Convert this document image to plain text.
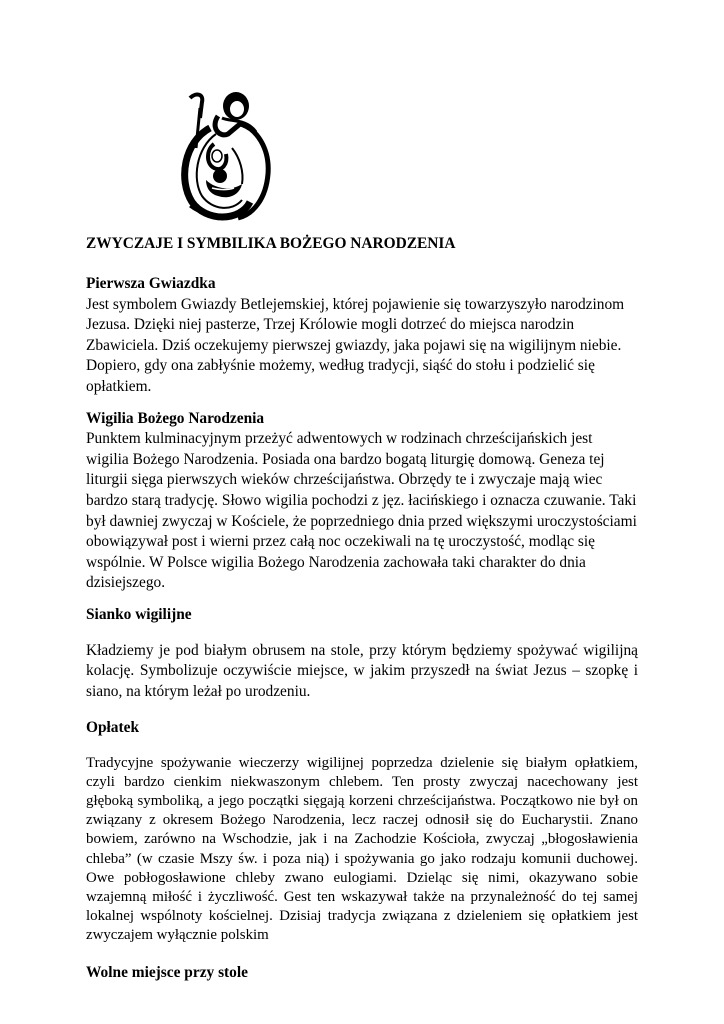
ZWYCZAJE I SYMBILIKA BOŻEGO NARODZENIA

Pierwsza Gwiazdka

Jest symbolem Gwiazdy Betlejemskiej, której pojawienie się towarzyszyło narodzinom Jezusa. Dzięki niej pasterze, Trzej Królowie mogli dotrzeć do miejsca narodzin Zbawiciela. Dziś oczekujemy pierwszej gwiazdy, jaka pojawi się na wigilijnym niebie. Dopiero, gdy ona zabłyśnie możemy, według tradycji, siąść do stołu i podzielić się opłatkiem.

Wigilia Bożego Narodzenia

Punktem kulminacyjnym przeżyć adwentowych w rodzinach chrześcijańskich jest wigilia Bożego Narodzenia. Posiada ona bardzo bogatą liturgię domową. Geneza tej liturgii sięga pierwszych wieków chrześcijaństwa. Obrzędy te i zwyczaje mają wiec bardzo starą tradycję. Słowo wigilia pochodzi z jęz. łacińskiego i oznacza czuwanie. Taki był dawniej zwyczaj w Kościele, że poprzedniego dnia przed większymi uroczystościami obowiązywał post i wierni przez całą noc oczekiwali na tę uroczystość, modląc się wspólnie. W Polsce wigilia Bożego Narodzenia zachowała taki charakter do dnia dzisiejszego.

Sianko wigilijne

Kładziemy je pod białym obrusem na stole, przy którym będziemy spożywać wigilijną kolację. Symbolizuje oczywiście miejsce, w jakim przyszedł na świat Jezus – szopkę i siano, na którym leżał po urodzeniu.

Opłatek

Tradycyjne spożywanie wieczerzy wigilijnej poprzedza dzielenie się białym opłatkiem, czyli bardzo cienkim niekwaszonym chlebem. Ten prosty zwyczaj nacechowany jest głęboką symboliką, a jego początki sięgają korzeni chrześcijaństwa. Początkowo nie był on związany z okresem Bożego Narodzenia, lecz raczej odnosił się do Eucharystii. Znano bowiem, zarówno na Wschodzie, jak i na Zachodzie Kościoła, zwyczaj „błogosławienia chleba” (w czasie Mszy św. i poza nią) i spożywania go jako rodzaju komunii duchowej. Owe pobłogosławione chleby zwano eulogiami. Dzieląc się nimi, okazywano sobie wzajemną miłość i życzliwość. Gest ten wskazywał także na przynależność do tej samej lokalnej wspólnoty kościelnej. Dzisiaj tradycja związana z dzieleniem się opłatkiem jest zwyczajem wyłącznie polskim

Wolne miejsce przy stole
